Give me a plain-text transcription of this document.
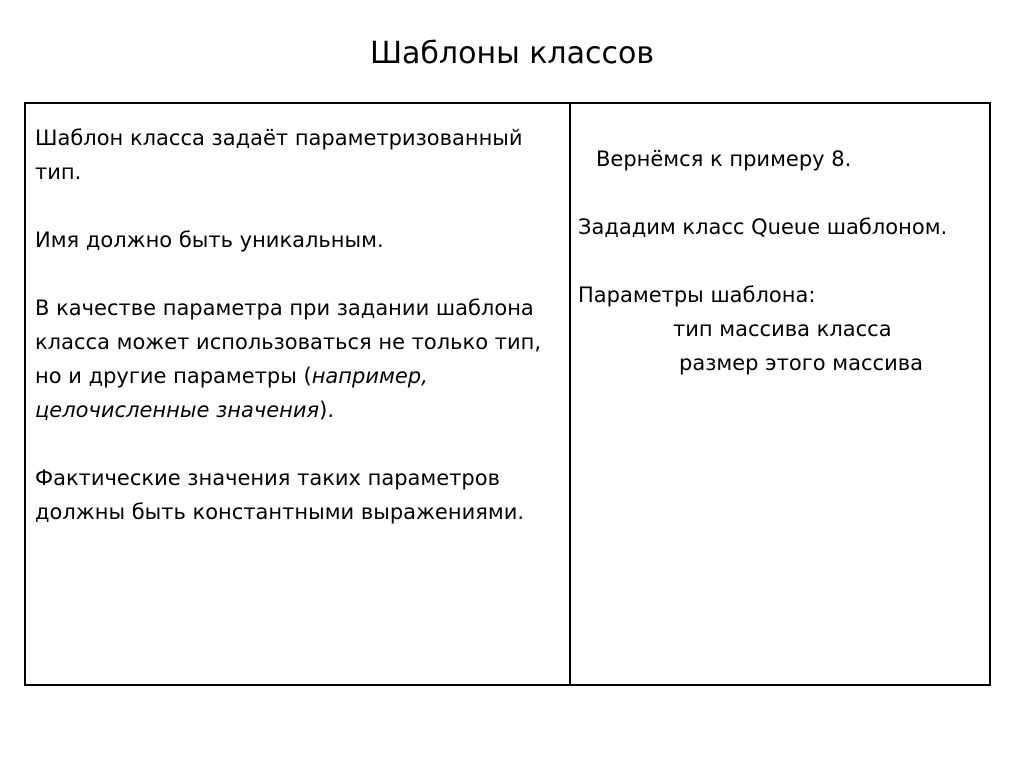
Шаблоны классов

Шаблон класса задаёт параметризованный тип.

Имя должно быть уникальным.

В качестве параметра при задании шаблона класса может использоваться не только тип, но и другие параметры (например, целочисленные значения).

Фактические значения таких параметров должны быть константными выражениями.

Вернёмся к примеру 8.

Зададим класс Queue шаблоном.

Параметры шаблона:

тип массива класса

размер этого массива
